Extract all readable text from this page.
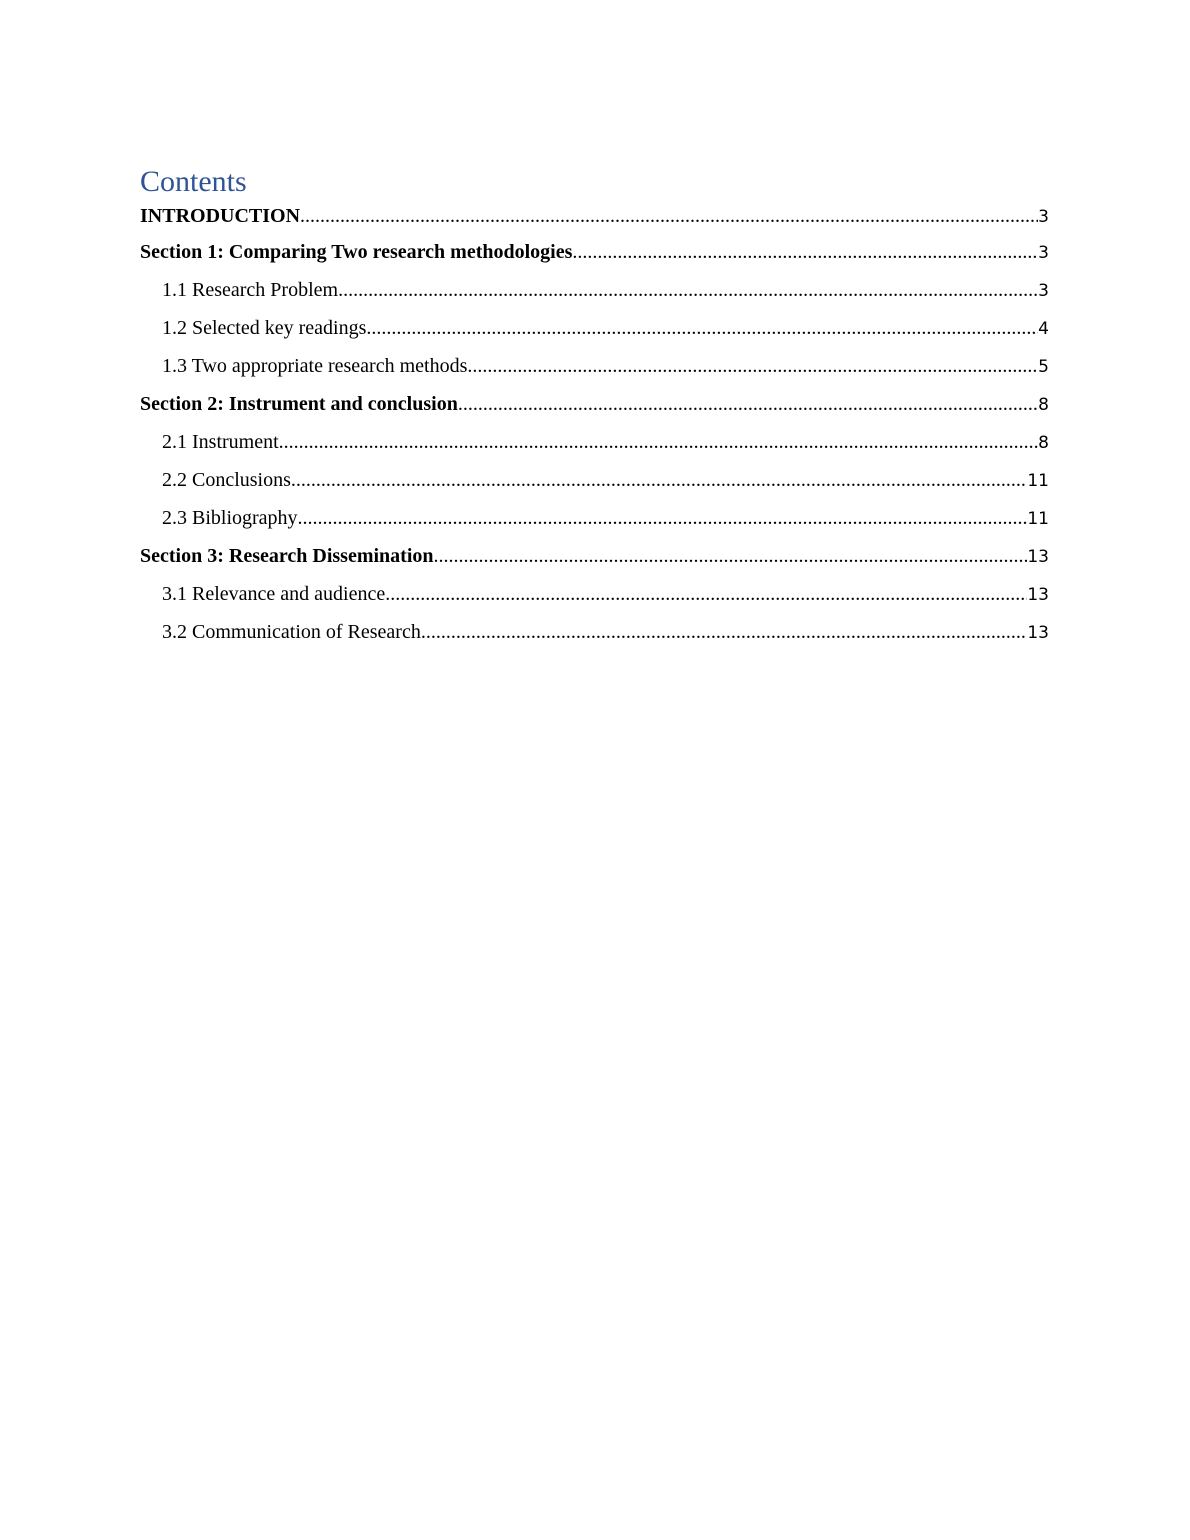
Contents
INTRODUCTION .....	3
Section 1: Comparing Two research methodologies .....	3
1.1 Research Problem .....	3
1.2 Selected key readings .....	4
1.3 Two appropriate research methods .....	5
Section 2: Instrument and conclusion .....	8
2.1 Instrument .....	8
2.2 Conclusions .....	11
2.3 Bibliography .....	11
Section 3: Research Dissemination .....	13
3.1 Relevance and audience .....	13
3.2 Communication of Research .....	13
